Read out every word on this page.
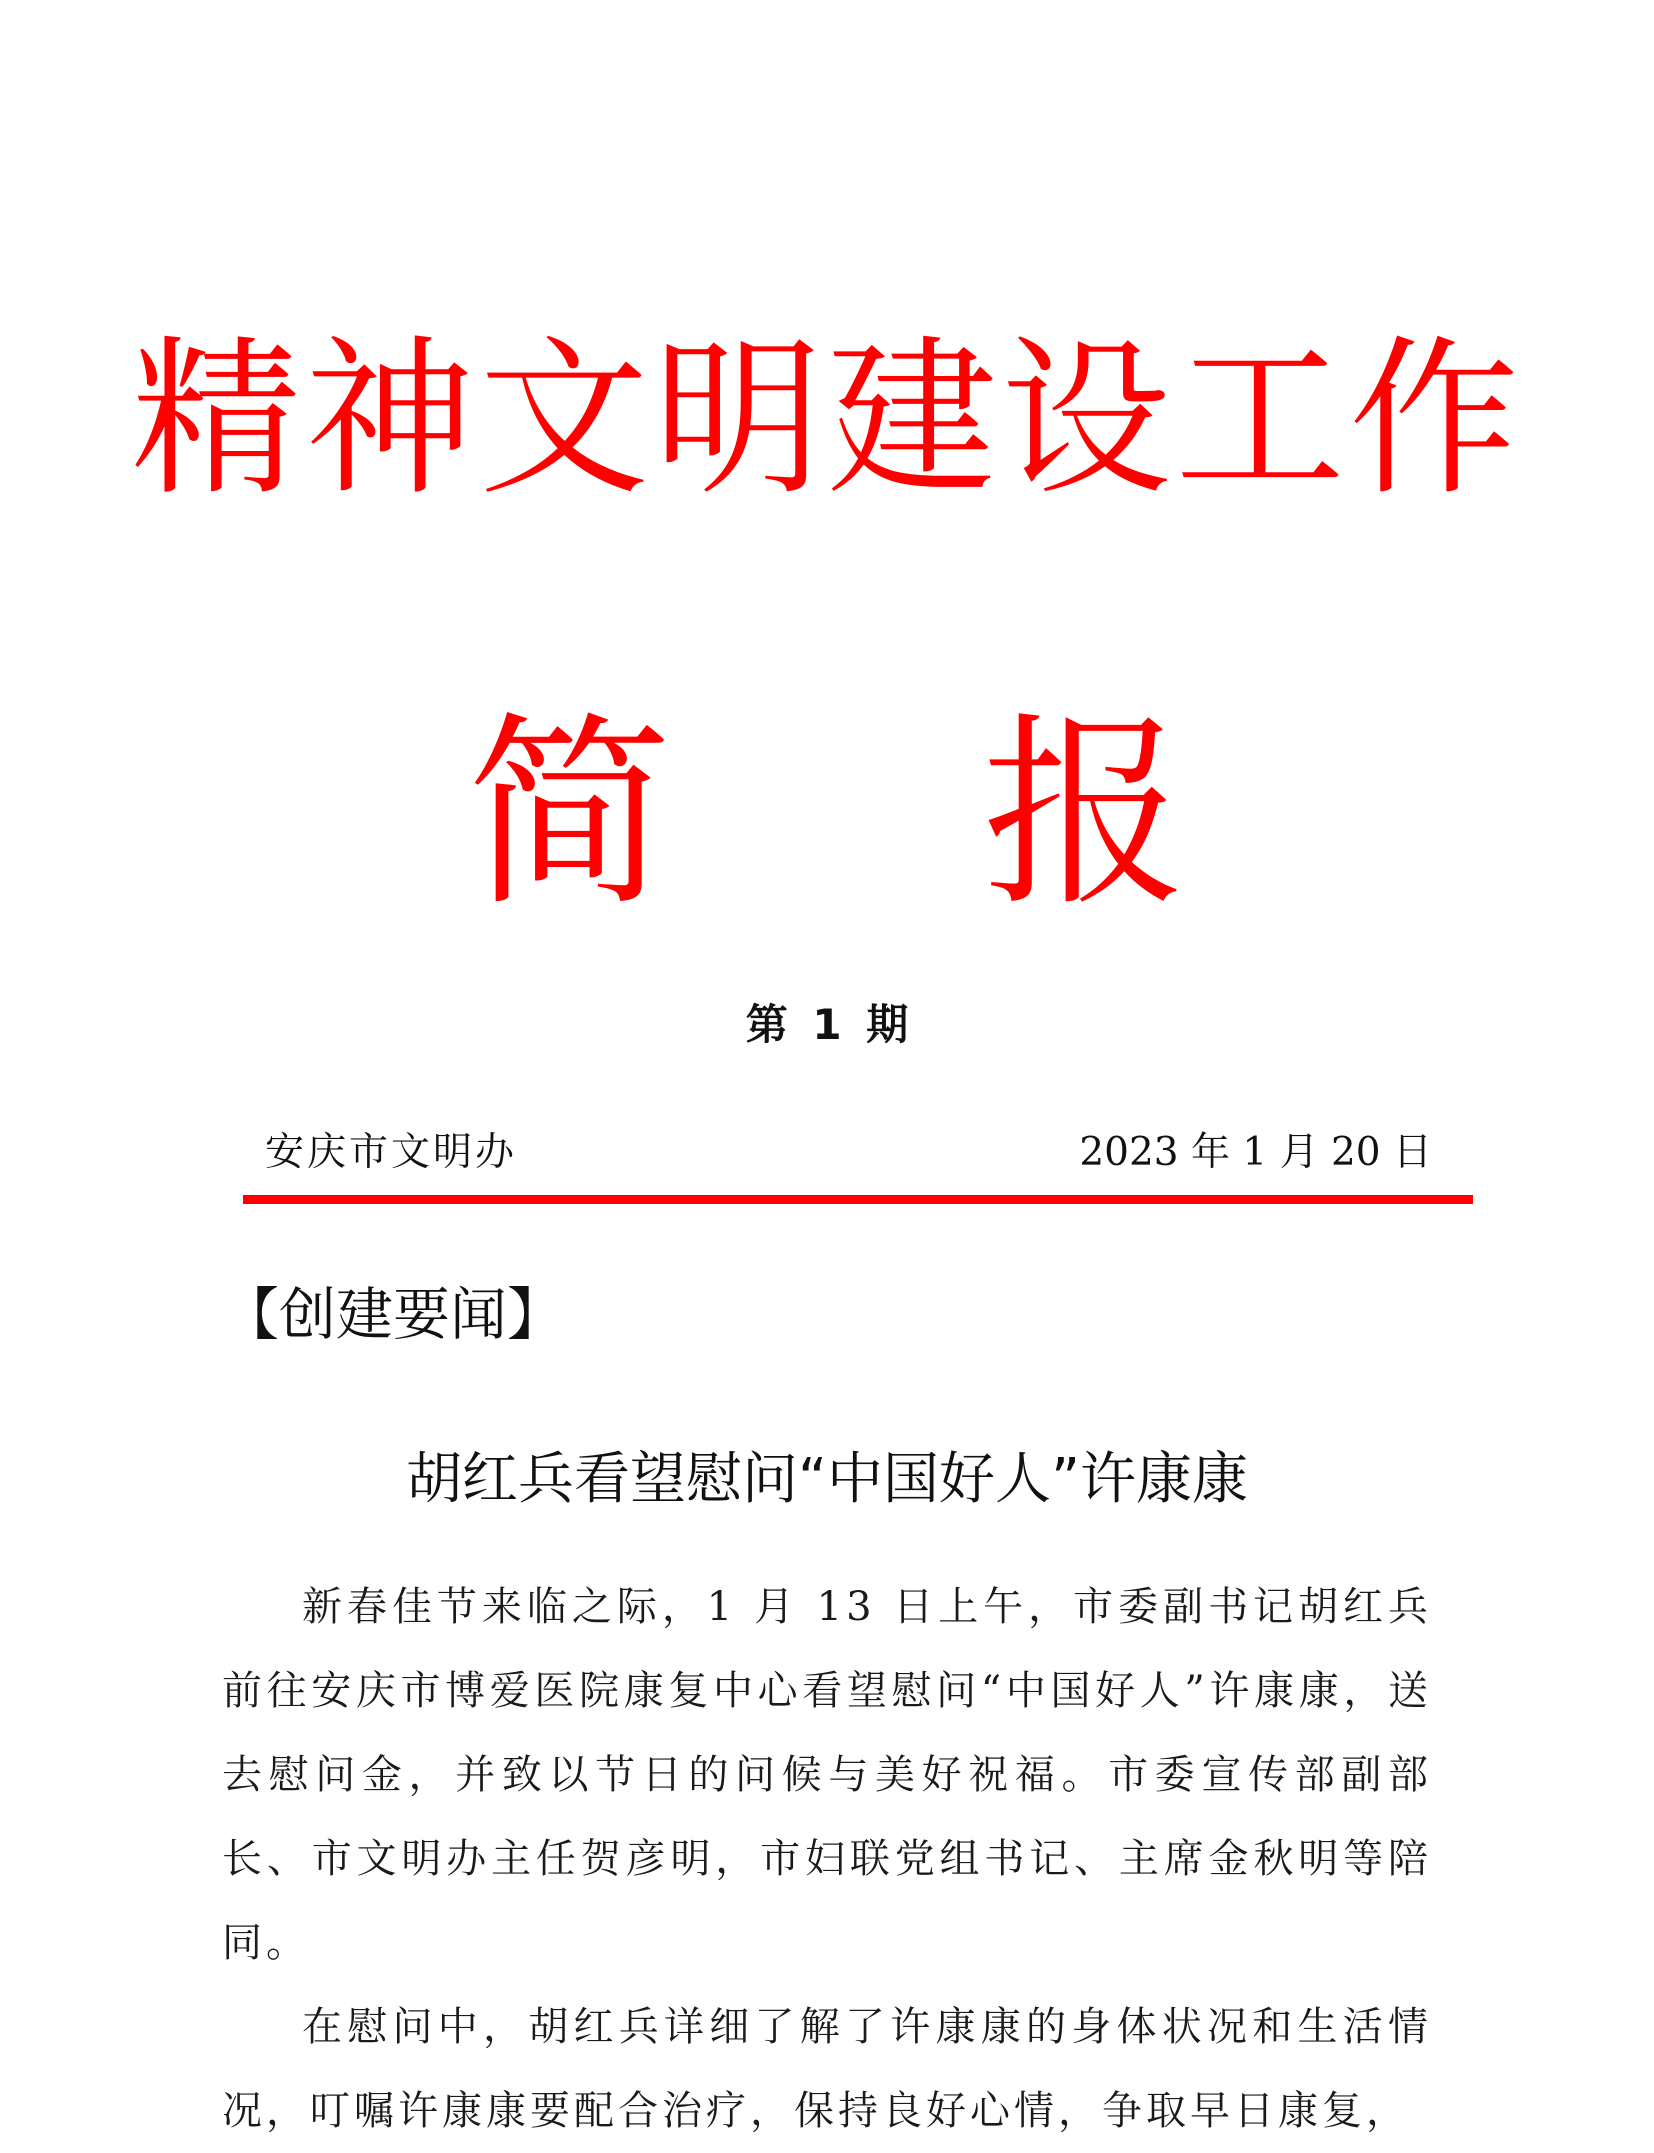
精神文明建设工作
简 报
第 1 期
安庆市文明办	2023 年 1 月 20 日
【创建要闻】
胡红兵看望慰问“中国好人”许康康

新春佳节来临之际，1 月 13 日上午，市委副书记胡红兵前往安庆市博爱医院康复中心看望慰问“中国好人”许康康，送去慰问金，并致以节日的问候与美好祝福。市委宣传部副部长、市文明办主任贺彦明，市妇联党组书记、主席金秋明等陪同。

在慰问中，胡红兵详细了解了许康康的身体状况和生活情况，叮嘱许康康要配合治疗，保持良好心情，争取早日康复，
